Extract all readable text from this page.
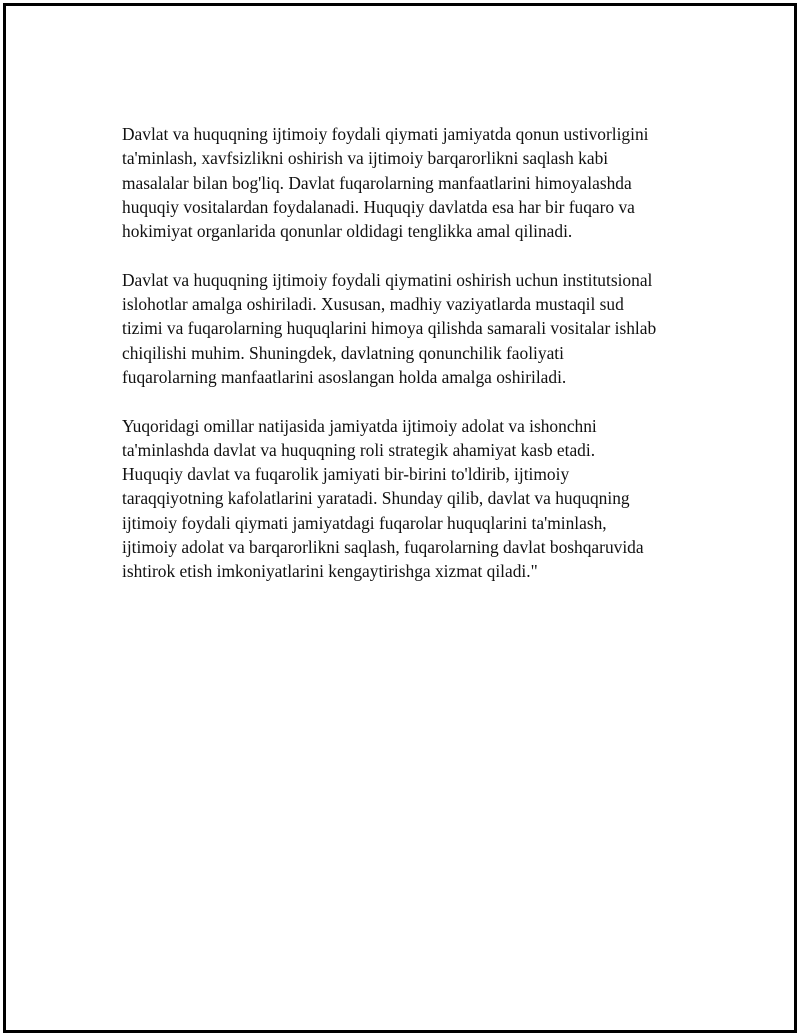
Davlat va huquqning ijtimoiy foydali qiymati jamiyatda qonun ustivorligini
ta'minlash, xavfsizlikni oshirish va ijtimoiy barqarorlikni saqlash kabi
masalalar bilan bog'liq. Davlat fuqarolarning manfaatlarini himoyalashda
huquqiy vositalardan foydalanadi. Huquqiy davlatda esa har bir fuqaro va
hokimiyat organlarida qonunlar oldidagi tenglikka amal qilinadi.

Davlat va huquqning ijtimoiy foydali qiymatini oshirish uchun institutsional
islohotlar amalga oshiriladi. Xususan, madhiy vaziyatlarda mustaqil sud
tizimi va fuqarolarning huquqlarini himoya qilishda samarali vositalar ishlab
chiqilishi muhim. Shuningdek, davlatning qonunchilik faoliyati
fuqarolarning manfaatlarini asoslangan holda amalga oshiriladi.

Yuqoridagi omillar natijasida jamiyatda ijtimoiy adolat va ishonchni
ta'minlashda davlat va huquqning roli strategik ahamiyat kasb etadi.
Huquqiy davlat va fuqarolik jamiyati bir-birini to'ldirib, ijtimoiy
taraqqiyotning kafolatlarini yaratadi. Shunday qilib, davlat va huquqning
ijtimoiy foydali qiymati jamiyatdagi fuqarolar huquqlarini ta'minlash,
ijtimoiy adolat va barqarorlikni saqlash, fuqarolarning davlat boshqaruvida
ishtirok etish imkoniyatlarini kengaytirishga xizmat qiladi."
